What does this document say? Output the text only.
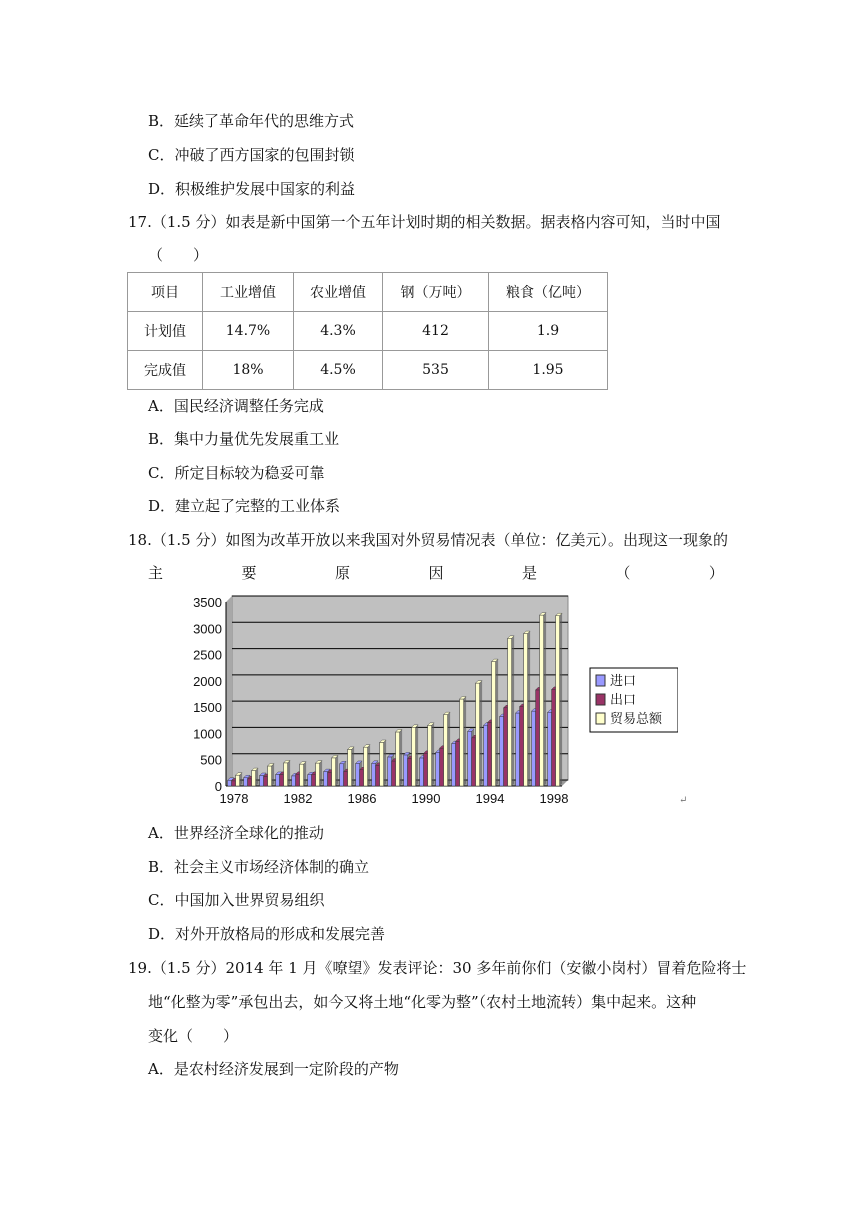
B．延续了革命年代的思维方式
C．冲破了西方国家的包围封锁
D．积极维护发展中国家的利益
17.（1.5 分）如表是新中国第一个五年计划时期的相关数据。据表格内容可知，当时中国
（　　）
项目	工业增值	农业增值	钢（万吨）	粮食（亿吨）
计划值	14.7%	4.3%	412	1.9
完成值	18%	4.5%	535	1.95
A．国民经济调整任务完成
B．集中力量优先发展重工业
C．所定目标较为稳妥可靠
D．建立起了完整的工业体系
18.（1.5 分）如图为改革开放以来我国对外贸易情况表（单位：亿美元）。出现这一现象的
主	要	原	因	是	（	）
0
500
1000
1500
2000
2500
3000
3500
1978	1982	1986	1990	1994	1998
进口
出口
贸易总额
↵
A．世界经济全球化的推动
B．社会主义市场经济体制的确立
C．中国加入世界贸易组织
D．对外开放格局的形成和发展完善
19.（1.5 分）2014 年 1 月《嘹望》发表评论：30 多年前你们（安徽小岗村）冒着危险将士
地“化整为零”承包出去，如今又将土地“化零为整”（农村土地流转）集中起来。这种
变化（　　）
A．是农村经济发展到一定阶段的产物
